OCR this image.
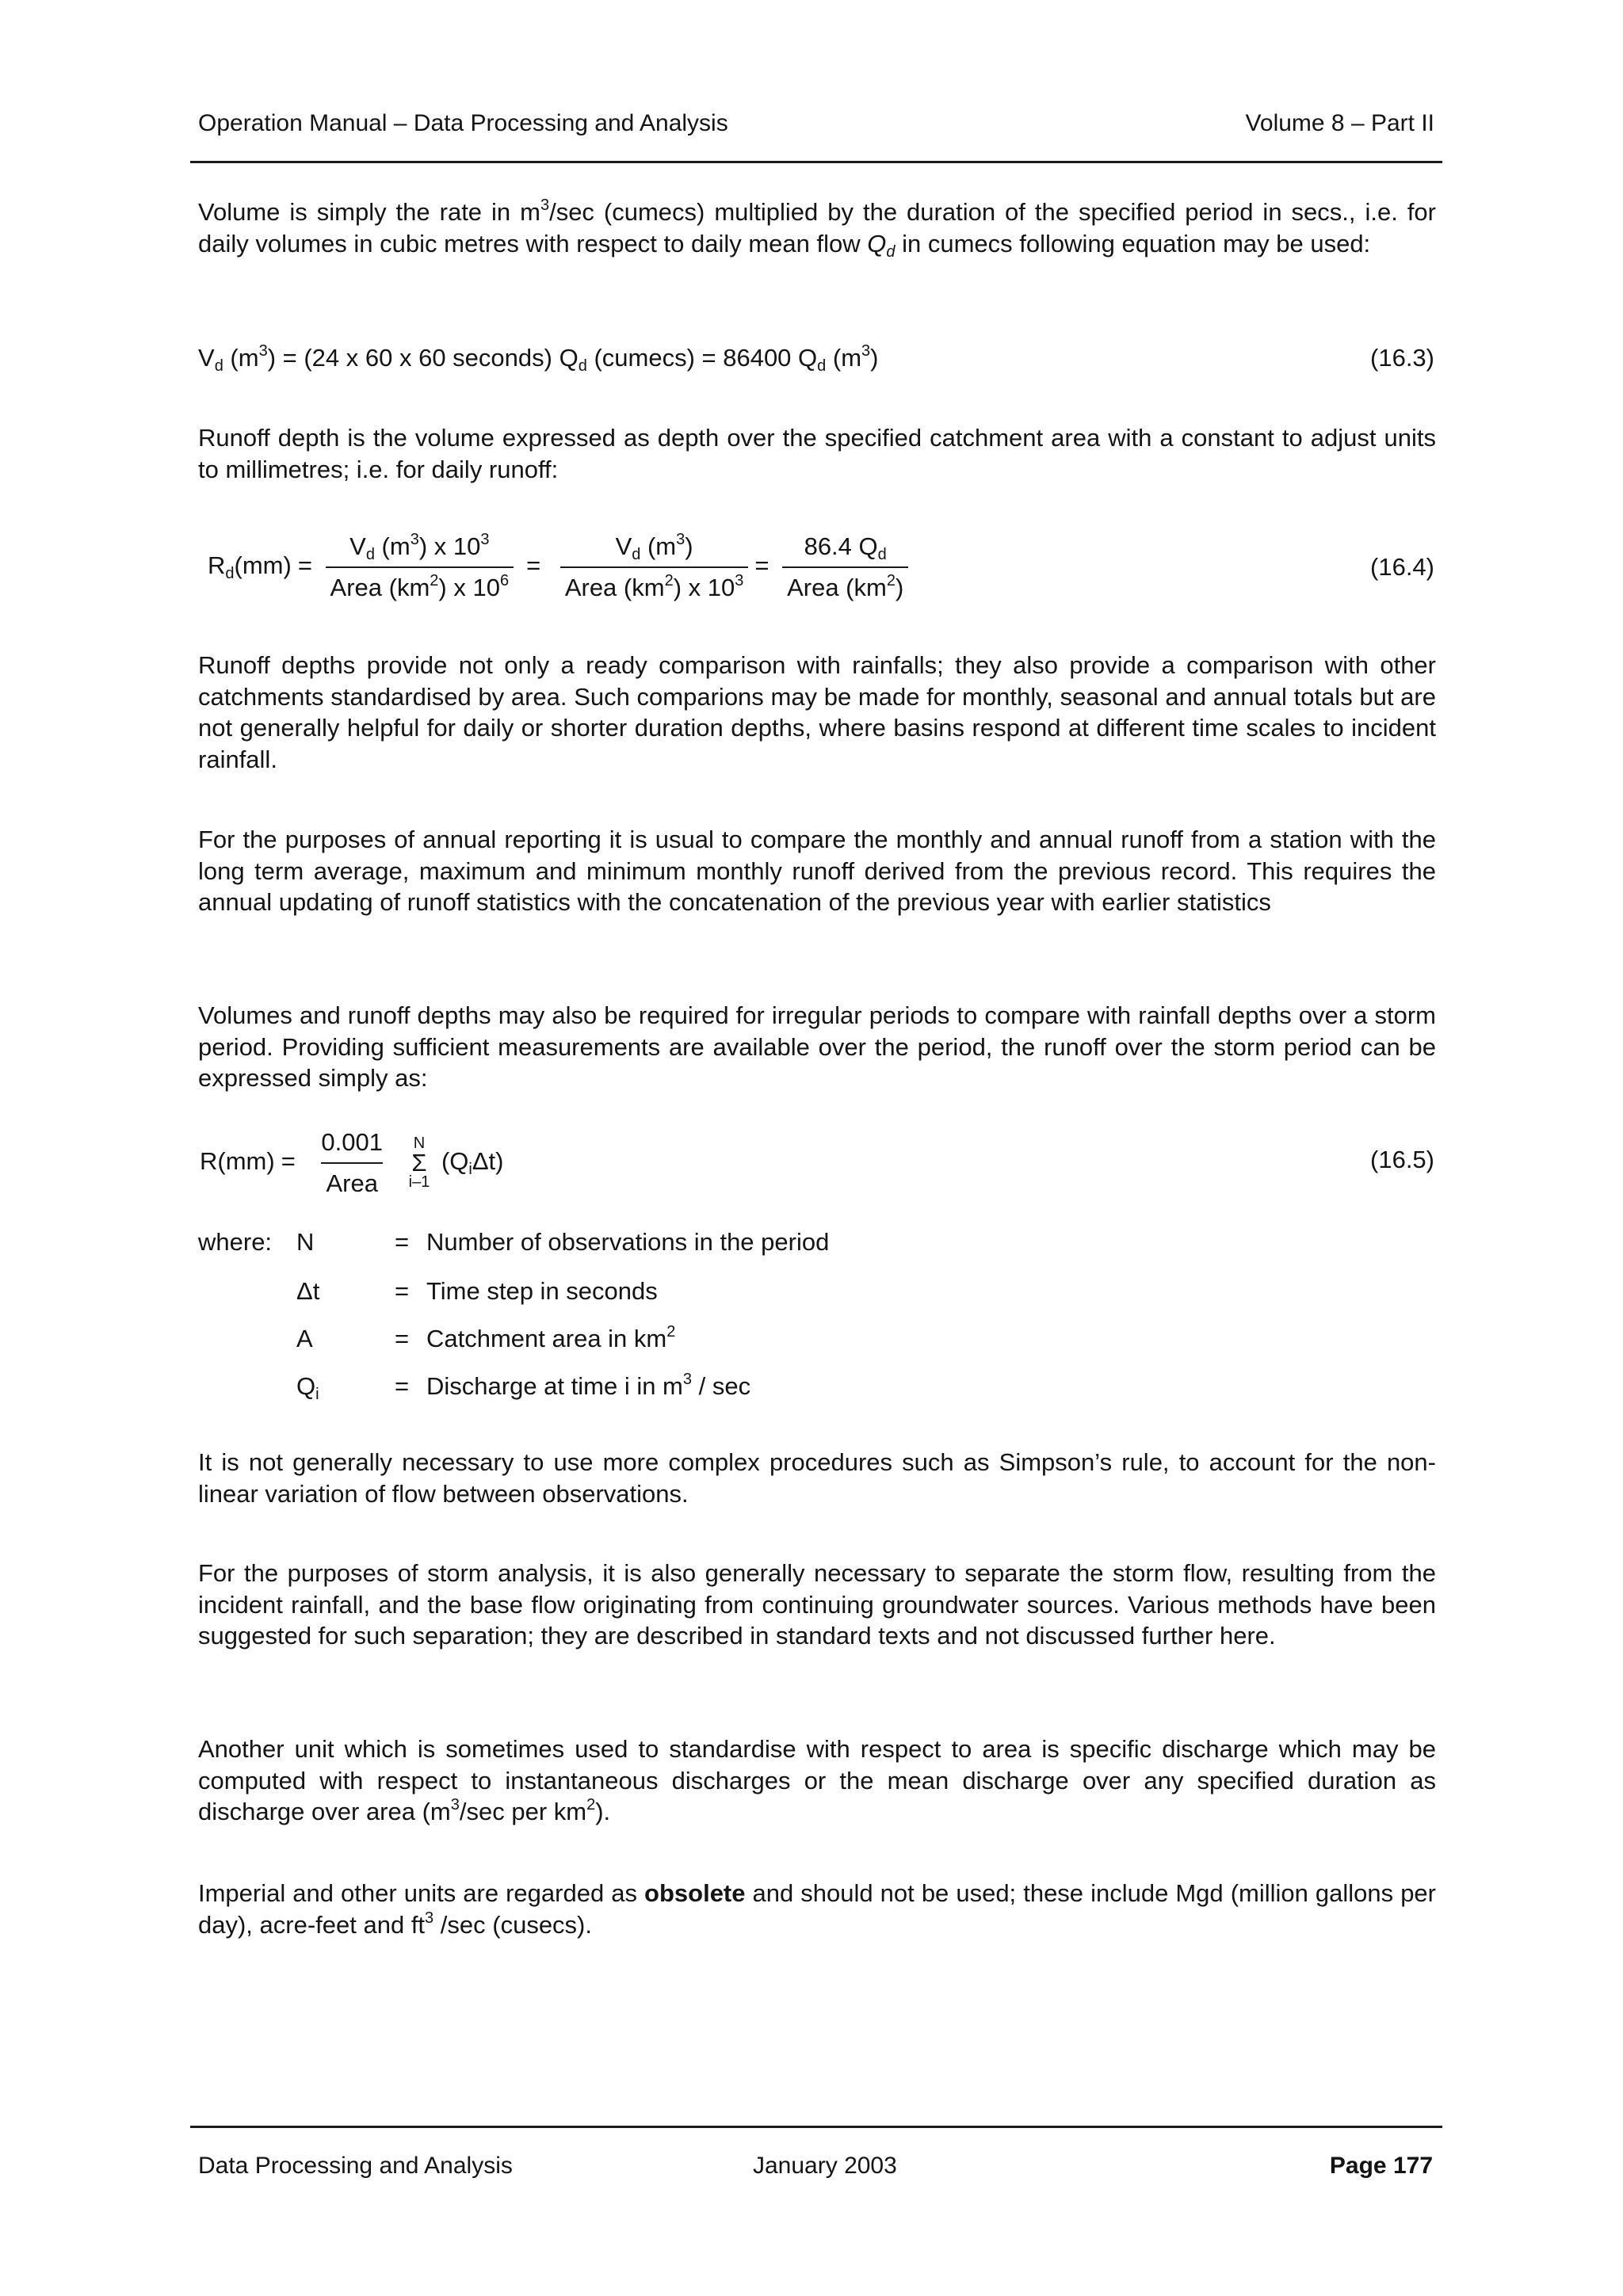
Operation Manual – Data Processing and Analysis	Volume 8 – Part II

Volume is simply the rate in $m^3/\sec$ (cumecs) multiplied by the duration of the specified period in secs., i.e. for daily volumes in cubic metres with respect to daily mean flow $Q_d$ in cumecs following equation may be used:

$V_d$ $(m^3) = (24$ x 60 x 60 seconds) $Q_d$ (cumecs) = 86400 $Q_d$ $(m^3)$	(16.3)

Runoff depth is the volume expressed as depth over the specified catchment area with a constant to adjust units to millimetres; i.e. for daily runoff:

$R_d(mm) = \frac{V_d (m^3) x 10^3}{Area (km^2) x 10^6} = \frac{V_d (m^3)}{Area (km^2) x 10^3} = \frac{86.4 Q_d}{Area (km^2)}$	(16.4)

Runoff depths provide not only a ready comparison with rainfalls; they also provide a comparison with other catchments standardised by area. Such comparions may be made for monthly, seasonal and annual totals but are not generally helpful for daily or shorter duration depths, where basins respond at different time scales to incident rainfall.

For the purposes of annual reporting it is usual to compare the monthly and annual runoff from a station with the long term average, maximum and minimum monthly runoff derived from the previous record. This requires the annual updating of runoff statistics with the concatenation of the previous year with earlier statistics

Volumes and runoff depths may also be required for irregular periods to compare with rainfall depths over a storm period. Providing sufficient measurements are available over the period, the runoff over the storm period can be expressed simply as:

$R(mm) = \frac{0.001}{\text{Area}}$
N
Σ
i–1
$(Q_i\Delta t)$	(16.5)
where: N	= Number of observations in the period
Δt	= Time step in seconds
A	= Catchment area in $km^2$
$Q_i$	= Discharge at time i in $m^3$ / sec

It is not generally necessary to use more complex procedures such as Simpson’s rule, to account for the non-linear variation of flow between observations.

For the purposes of storm analysis, it is also generally necessary to separate the storm flow, resulting from the incident rainfall, and the base flow originating from continuing groundwater sources. Various methods have been suggested for such separation; they are described in standard texts and not discussed further here.

Another unit which is sometimes used to standardise with respect to area is specific discharge which may be computed with respect to instantaneous discharges or the mean discharge over any specified duration as discharge over area ($m^3/\sec$ per $km^2$).

Imperial and other units are regarded as obsolete and should not be used; these include Mgd (million gallons per day), acre-feet and $ft^3$ /sec (cusecs).

Data Processing and Analysis	January 2003	Page 177
